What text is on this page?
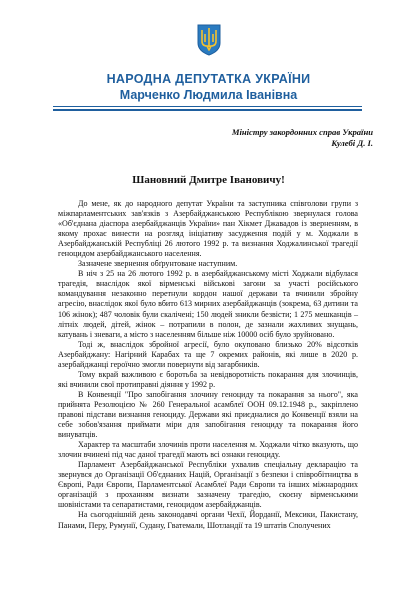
НАРОДНА ДЕПУТАТКА УКРАЇНИ
Марченко Людмила Іванівна
Міністру закордонних справ України
Кулебі Д. І.
Шановний Дмитре Івановичу!

До мене, як до народного депутат України та заступника співголови групи з міжпарламентських зав'язків з Азербайджанською Республікою звернулася голова «Об'єднана діаспора азербайджанців України» пан Хікмет Джавадов із зверненням, в якому прохає винести на розгляд ініціативу засудження подій у м. Ходжали в Азербайджанській Республіці 26 лютого 1992 р. та визнання Ходжалинської трагедії геноцидом азербайджанського населення.

Зазначене звернення обґрунтоване наступним.

В ніч з 25 на 26 лютого 1992 р. в азербайджанському місті Ходжали відбулася трагедія, внаслідок якої вірменські військові загони за участі російського командування незаконно перетнули кордон нашої держави та вчинили збройну агресію, внаслідок якої було вбито 613 мирних азербайджанців (зокрема, 63 дитини та 106 жінок); 487 чоловік були скалічені; 150 людей зникли безвісти; 1 275 мешканців – літніх людей, дітей, жінок – потрапили в полон, де зазнали жахливих знущань, катувань і зневаги, а місто з населенням більше ніж 10000 осіб було зруйновано.

Тоді ж, внаслідок збройної агресії, було окуповано близько 20% відсотків Азербайджану: Нагірний Карабах та ще 7 окремих районів, які лише в 2020 р. азербайджанці героїчно змогли повернути від загарбників.

Тому вкрай важливою є боротьба за невідворотність покарання для злочинців, які вчинили свої протиправні діяння у 1992 р.

В Конвенції "Про запобігання злочину геноциду та покарання за нього", яка прийнята Резолюцією № 260 Генеральної асамблеї ООН 09.12.1948 р., закріплено правові підстави визнання геноциду. Держави які приєдналися до Конвенції взяли на себе зобов'язання приймати міри для запобігання геноциду та покарання його винуватців.

Характер та масштаби злочинів проти населення м. Ходжали чітко вказують, що злочин вчинені під час даної трагедії мають всі ознаки геноциду.

Парламент Азербайджанської Республіки ухвалив спеціальну декларацію та звернувся до Організації Об'єднаних Націй, Організації з безпеки і співробітництва в Європі, Ради Європи, Парламентської Асамблеї Ради Європи та інших міжнародних організацій з проханням визнати зазначену трагедію, скоєну вірменськими шовіністами та сепаратистами, геноцидом азербайджанців.

На сьогоднішній день законодавчі органи Чехії, Йорданії, Мексики, Пакистану, Панами, Перу, Румунії, Судану, Гватемали, Шотландії та 19 штатів Сполучених
